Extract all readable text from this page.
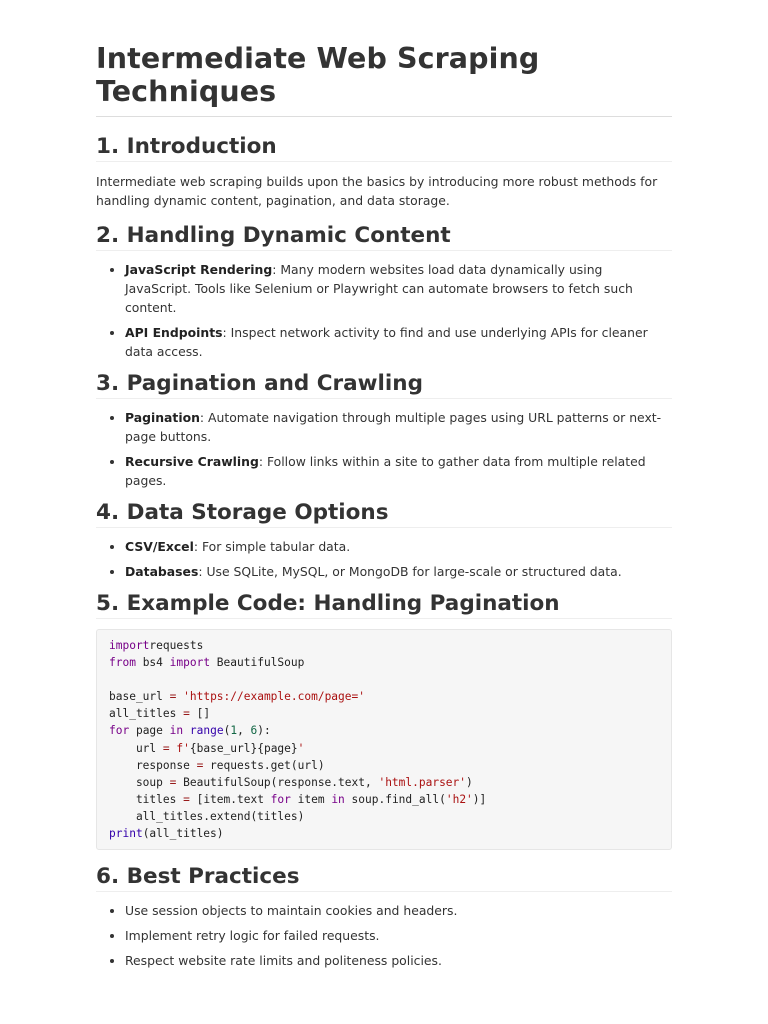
Intermediate Web Scraping Techniques
1. Introduction

Intermediate web scraping builds upon the basics by introducing more robust methods for handling dynamic content, pagination, and data storage.

2. Handling Dynamic Content
• JavaScript Rendering: Many modern websites load data dynamically using JavaScript. Tools like Selenium or Playwright can automate browsers to fetch such content.
• API Endpoints: Inspect network activity to find and use underlying APIs for cleaner data access.
3. Pagination and Crawling
• Pagination: Automate navigation through multiple pages using URL patterns or next-page buttons.
• Recursive Crawling: Follow links within a site to gather data from multiple related pages.
4. Data Storage Options
• CSV/Excel: For simple tabular data.
• Databases: Use SQLite, MySQL, or MongoDB for large-scale or structured data.
5. Example Code: Handling Pagination
importrequests
from bs4 import BeautifulSoup

base_url = 'https://example.com/page='
all_titles = []
for page in range(1, 6):
url = f'{base_url}{page}'
response = requests.get(url)
soup = BeautifulSoup(response.text, 'html.parser')
titles = [item.text for item in soup.find_all('h2')]
all_titles.extend(titles)
print(all_titles)
6. Best Practices
• Use session objects to maintain cookies and headers.
• Implement retry logic for failed requests.
• Respect website rate limits and politeness policies.
